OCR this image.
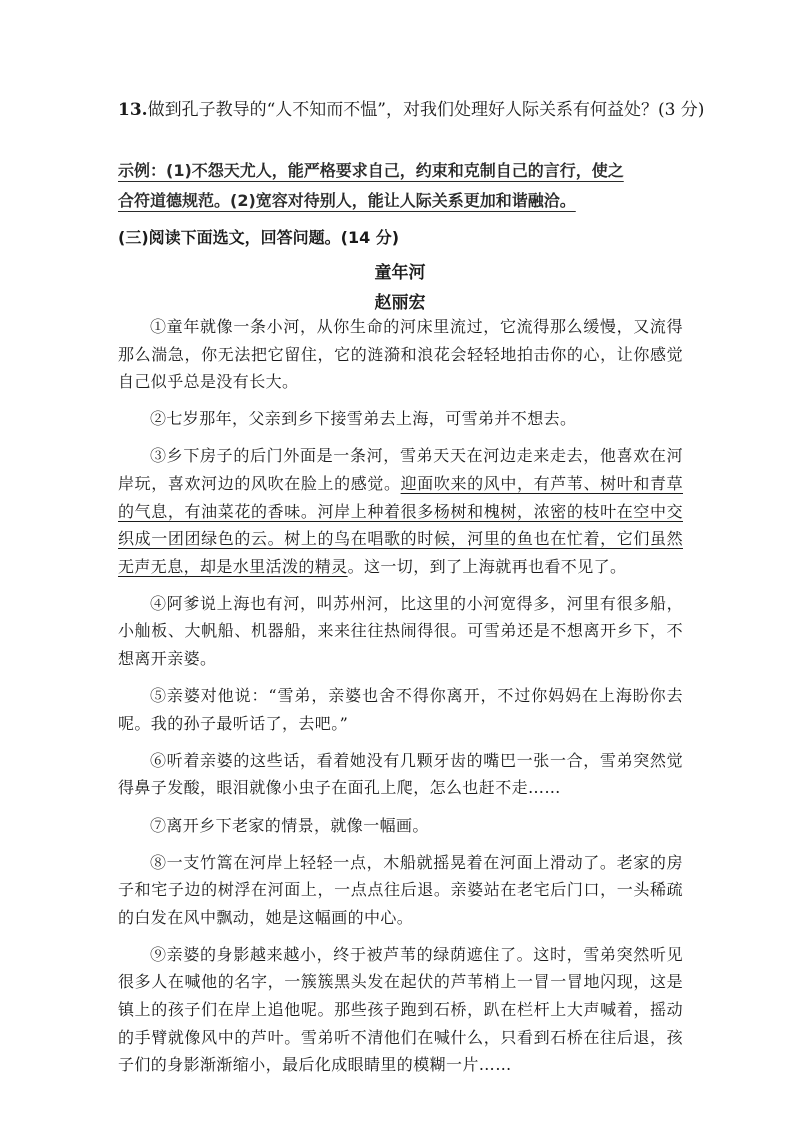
13.做到孔子教导的“人不知而不愠”，对我们处理好人际关系有何益处？(3 分)
示例：(1)不怨天尤人，能严格要求自己，约束和克制自己的言行，使之
合符道德规范。(2)宽容对待别人，能让人际关系更加和谐融洽。
(三)阅读下面选文，回答问题。(14 分)
童年河
赵丽宏

①童年就像一条小河，从你生命的河床里流过，它流得那么缓慢，又流得那么湍急，你无法把它留住，它的涟漪和浪花会轻轻地拍击你的心，让你感觉自己似乎总是没有长大。

②七岁那年，父亲到乡下接雪弟去上海，可雪弟并不想去。

③乡下房子的后门外面是一条河，雪弟天天在河边走来走去，他喜欢在河岸玩，喜欢河边的风吹在脸上的感觉。迎面吹来的风中，有芦苇、树叶和青草的气息，有油菜花的香味。河岸上种着很多杨树和槐树，浓密的枝叶在空中交织成一团团绿色的云。树上的鸟在唱歌的时候，河里的鱼也在忙着，它们虽然无声无息，却是水里活泼的精灵。这一切，到了上海就再也看不见了。

④阿爹说上海也有河，叫苏州河，比这里的小河宽得多，河里有很多船，小舢板、大帆船、机器船，来来往往热闹得很。可雪弟还是不想离开乡下，不想离开亲婆。

⑤亲婆对他说：“雪弟，亲婆也舍不得你离开，不过你妈妈在上海盼你去呢。我的孙子最听话了，去吧。”

⑥听着亲婆的这些话，看着她没有几颗牙齿的嘴巴一张一合，雪弟突然觉得鼻子发酸，眼泪就像小虫子在面孔上爬，怎么也赶不走……

⑦离开乡下老家的情景，就像一幅画。

⑧一支竹篙在河岸上轻轻一点，木船就摇晃着在河面上滑动了。老家的房子和宅子边的树浮在河面上，一点点往后退。亲婆站在老宅后门口，一头稀疏的白发在风中飘动，她是这幅画的中心。

⑨亲婆的身影越来越小，终于被芦苇的绿荫遮住了。这时，雪弟突然听见很多人在喊他的名字，一簇簇黑头发在起伏的芦苇梢上一冒一冒地闪现，这是镇上的孩子们在岸上追他呢。那些孩子跑到石桥，趴在栏杆上大声喊着，摇动的手臂就像风中的芦叶。雪弟听不清他们在喊什么，只看到石桥在往后退，孩子们的身影渐渐缩小，最后化成眼睛里的模糊一片……
